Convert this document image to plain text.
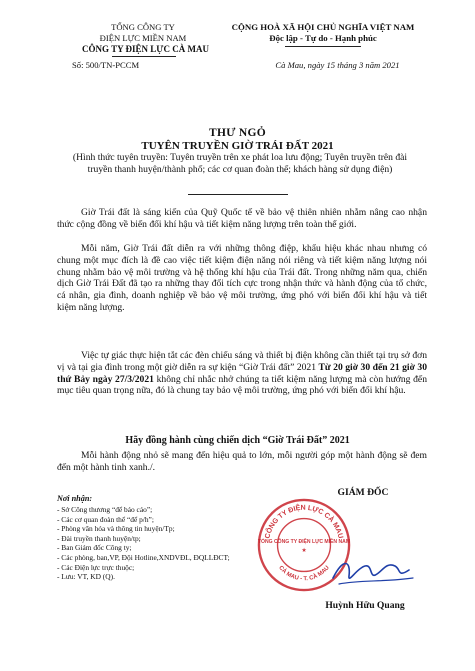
TỔNG CÔNG TY
ĐIỆN LỰC MIỀN NAM
CÔNG TY ĐIỆN LỰC CÀ MAU
CỘNG HOÀ XÃ HỘI CHỦ NGHĨA VIỆT NAM
Độc lập - Tự do - Hạnh phúc
Số: 500/TN-PCCM	Cà Mau, ngày 15 tháng 3 năm 2021
THƯ NGỎ
TUYÊN TRUYỀN GIỜ TRÁI ĐẤT 2021
(Hình thức tuyên truyền: Tuyên truyền trên xe phát loa lưu động; Tuyên truyền trên đài truyền thanh huyện/thành phố; các cơ quan đoàn thể; khách hàng sử dụng điện)
Giờ Trái đất là sáng kiến của Quỹ Quốc tế về bảo vệ thiên nhiên nhằm nâng cao nhận thức cộng đồng về biến đổi khí hậu và tiết kiệm năng lượng trên toàn thế giới.
Mỗi năm, Giờ Trái đất diễn ra với những thông điệp, khẩu hiệu khác nhau nhưng có chung một mục đích là đề cao việc tiết kiệm điện năng nói riêng và tiết kiệm năng lượng nói chung nhằm bảo vệ môi trường và hệ thống khí hậu của Trái đất. Trong những năm qua, chiến dịch Giờ Trái Đất đã tạo ra những thay đổi tích cực trong nhận thức và hành động của tổ chức, cá nhân, gia đình, doanh nghiệp về bảo vệ môi trường, ứng phó với biến đổi khí hậu và tiết kiệm năng lượng.
Việc tự giác thực hiện tắt các đèn chiếu sáng và thiết bị điện không cần thiết tại trụ sở đơn vị và tại gia đình trong một giờ diễn ra sự kiện “Giờ Trái đất” 2021 Từ 20 giờ 30 đến 21 giờ 30 thứ Bảy ngày 27/3/2021 không chỉ nhắc nhở chúng ta tiết kiệm năng lượng mà còn hướng đến mục tiêu quan trọng nữa, đó là chung tay bảo vệ môi trường, ứng phó với biến đổi khí hậu.
Hãy đồng hành cùng chiến dịch “Giờ Trái Đất” 2021
Mỗi hành động nhỏ sẽ mang đến hiệu quả to lớn, mỗi người góp một hành động sẽ đem đến một hành tinh xanh./.
GIÁM ĐỐC
CÔNG TY ĐIỆN LỰC CÀ MAU
CÀ MAU - T. CÀ MAU
TỔNG CÔNG TY ĐIỆN LỰC MIỀN NAM
★
Huỳnh Hữu Quang
Nơi nhận:
- Sở Công thương “để báo cáo”;
- Các cơ quan đoàn thể “để p/h”;
- Phòng văn hóa và thông tin huyện/Tp;
- Đài truyền thanh huyện/tp;
- Ban Giám đốc Công ty;
- Các phòng, ban,VP, Đội Hotline,XNDVĐL, ĐQLLĐCT;
- Các Điện lực trực thuộc;
- Lưu: VT, KD (Q).
